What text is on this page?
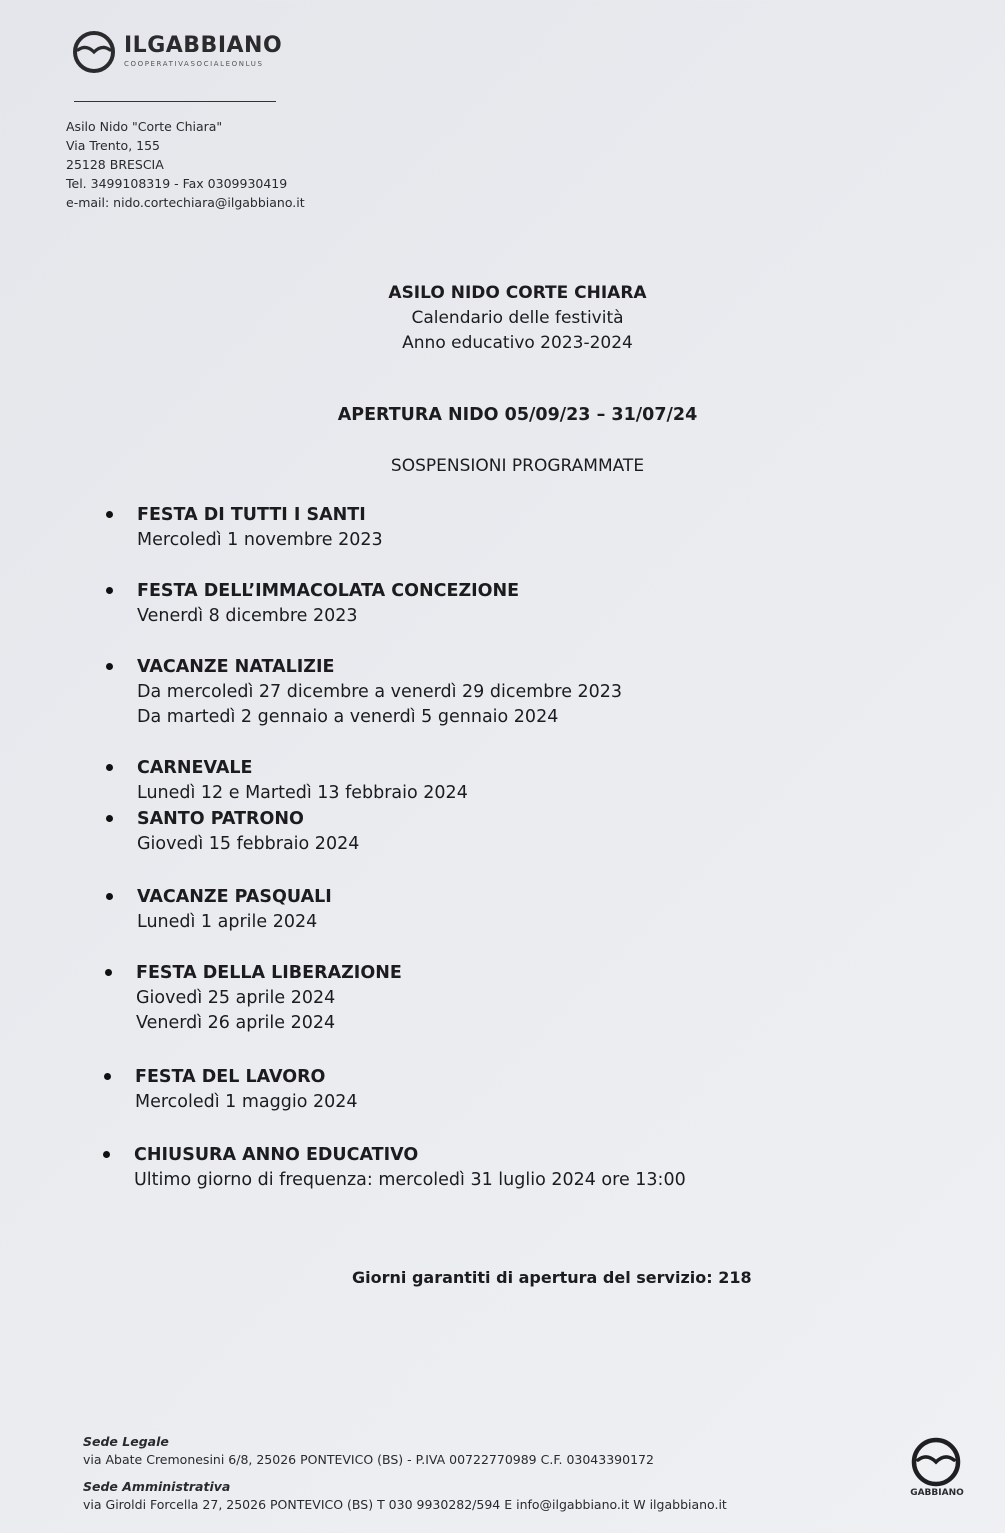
ILGABBIANO
COOPERATIVASOCIALEONLUS
Asilo Nido "Corte Chiara"
Via Trento, 155
25128 BRESCIA
Tel. 3499108319 - Fax 0309930419
e-mail: nido.cortechiara@ilgabbiano.it
ASILO NIDO CORTE CHIARA
Calendario delle festività
Anno educativo 2023-2024
APERTURA NIDO 05/09/23 – 31/07/24
SOSPENSIONI PROGRAMMATE
FESTA DI TUTTI I SANTI
Mercoledì 1 novembre 2023
FESTA DELL’IMMACOLATA CONCEZIONE
Venerdì 8 dicembre 2023
VACANZE NATALIZIE
Da mercoledì 27 dicembre a venerdì 29 dicembre 2023
Da martedì 2 gennaio a venerdì 5 gennaio 2024
CARNEVALE
Lunedì 12 e Martedì 13 febbraio 2024
SANTO PATRONO
Giovedì 15 febbraio 2024
VACANZE PASQUALI
Lunedì 1 aprile 2024
FESTA DELLA LIBERAZIONE
Giovedì 25 aprile 2024
Venerdì 26 aprile 2024
FESTA DEL LAVORO
Mercoledì 1 maggio 2024
CHIUSURA ANNO EDUCATIVO
Ultimo giorno di frequenza: mercoledì 31 luglio 2024 ore 13:00
Giorni garantiti di apertura del servizio: 218
Sede Legale
via Abate Cremonesini 6/8, 25026 PONTEVICO (BS) - P.IVA 00722770989 C.F. 03043390172
Sede Amministrativa
via Giroldi Forcella 27, 25026 PONTEVICO (BS) T 030 9930282/594 E info@ilgabbiano.it W ilgabbiano.it
GABBIANO
